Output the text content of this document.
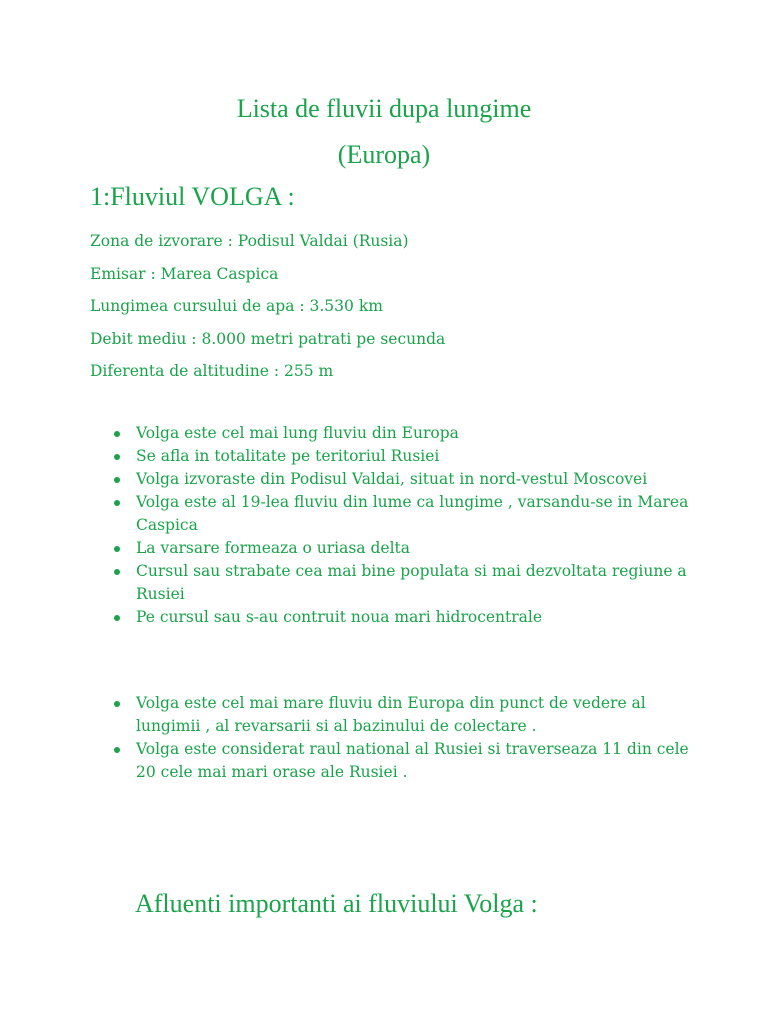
Lista de fluvii dupa lungime
(Europa)
1:Fluviul VOLGA :
Zona de izvorare : Podisul Valdai (Rusia)
Emisar : Marea Caspica
Lungimea cursului de apa : 3.530 km
Debit mediu : 8.000 metri patrati pe secunda
Diferenta de altitudine : 255 m
Volga este cel mai lung fluviu din Europa
Se afla in totalitate pe teritoriul Rusiei
Volga izvoraste din Podisul Valdai, situat in nord-vestul Moscovei
Volga este al 19-lea fluviu din lume ca lungime , varsandu-se in Marea Caspica
La varsare formeaza o uriasa delta
Cursul sau strabate cea mai bine populata si mai dezvoltata regiune a Rusiei
Pe cursul sau s-au contruit noua mari hidrocentrale
Volga este cel mai mare fluviu din Europa din punct de vedere al lungimii , al revarsarii si al bazinului de colectare .
Volga este considerat raul national al Rusiei si traverseaza 11 din cele 20 cele mai mari orase ale Rusiei .
Afluenti importanti ai fluviului Volga :
